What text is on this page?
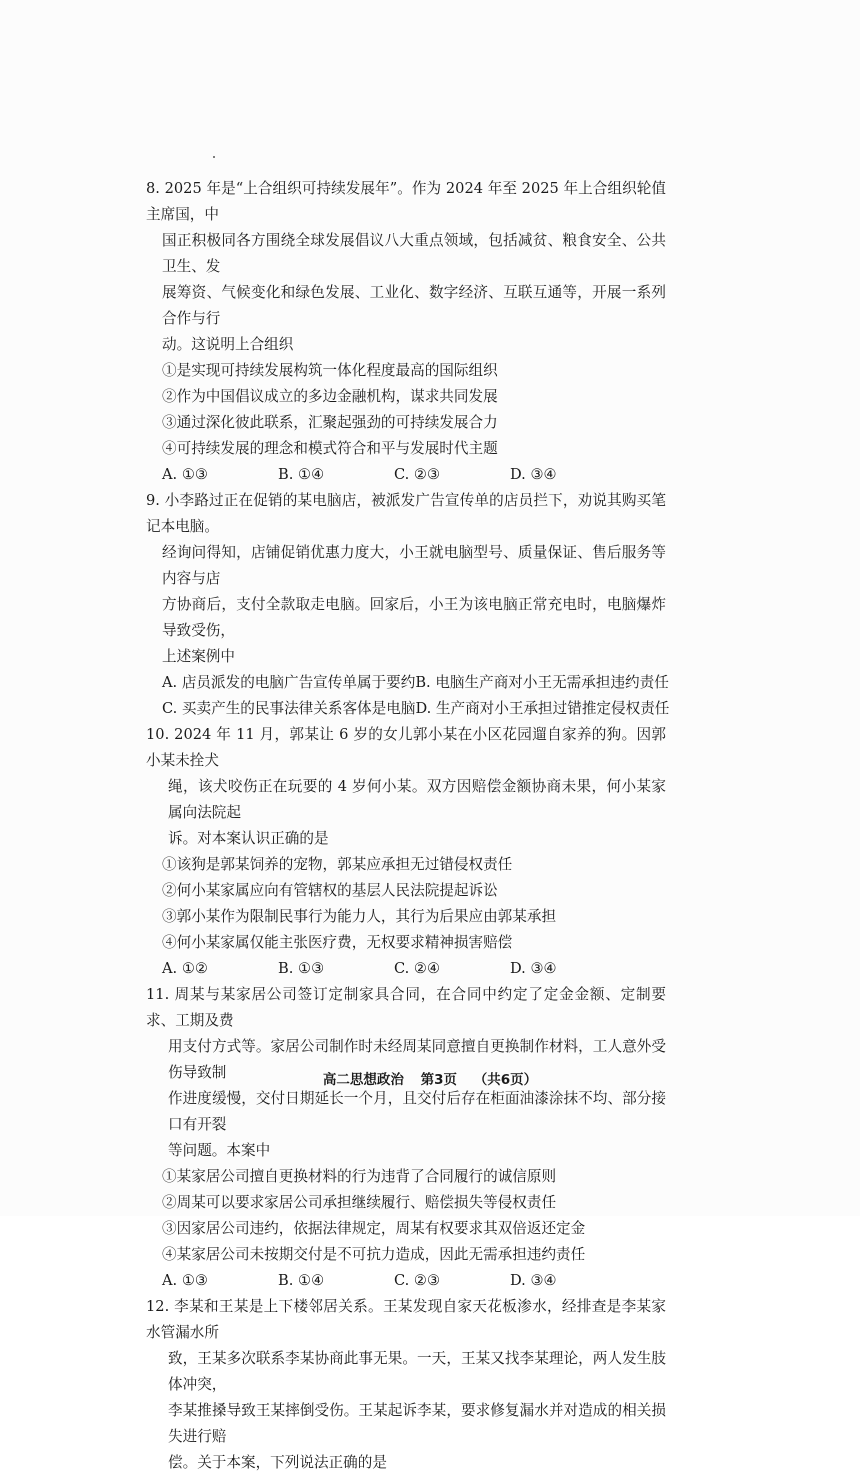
8. 2025 年是“上合组织可持续发展年”。作为 2024 年至 2025 年上合组织轮值主席国，中

国正积极同各方围绕全球发展倡议八大重点领域，包括减贫、粮食安全、公共卫生、发

展筹资、气候变化和绿色发展、工业化、数字经济、互联互通等，开展一系列合作与行

动。这说明上合组织

①是实现可持续发展构筑一体化程度最高的国际组织

②作为中国倡议成立的多边金融机构，谋求共同发展

③通过深化彼此联系，汇聚起强劲的可持续发展合力

④可持续发展的理念和模式符合和平与发展时代主题

A. ①③	B. ①④	C. ②③	D. ③④

9. 小李路过正在促销的某电脑店，被派发广告宣传单的店员拦下，劝说其购买笔记本电脑。

经询问得知，店铺促销优惠力度大，小王就电脑型号、质量保证、售后服务等内容与店

方协商后，支付全款取走电脑。回家后，小王为该电脑正常充电时，电脑爆炸导致受伤，

上述案例中

A. 店员派发的电脑广告宣传单属于要约 B. 电脑生产商对小王无需承担违约责任
C. 买卖产生的民事法律关系客体是电脑 D. 生产商对小王承担过错推定侵权责任

10. 2024 年 11 月，郭某让 6 岁的女儿郭小某在小区花园遛自家养的狗。因郭小某未拴犬

绳，该犬咬伤正在玩要的 4 岁何小某。双方因赔偿金额协商未果，何小某家属向法院起

诉。对本案认识正确的是

①该狗是郭某饲养的宠物，郭某应承担无过错侵权责任

②何小某家属应向有管辖权的基层人民法院提起诉讼

③郭小某作为限制民事行为能力人，其行为后果应由郭某承担

④何小某家属仅能主张医疗费，无权要求精神损害赔偿

A. ①②	B. ①③	C. ②④	D. ③④

11. 周某与某家居公司签订定制家具合同，在合同中约定了定金金额、定制要求、工期及费

用支付方式等。家居公司制作时未经周某同意擅自更换制作材料，工人意外受伤导致制

作进度缓慢，交付日期延长一个月，且交付后存在柜面油漆涂抹不均、部分接口有开裂

等问题。本案中

①某家居公司擅自更换材料的行为违背了合同履行的诚信原则

②周某可以要求家居公司承担继续履行、赔偿损失等侵权责任

③因家居公司违约，依据法律规定，周某有权要求其双倍返还定金

④某家居公司未按期交付是不可抗力造成，因此无需承担违约责任

A. ①③	B. ①④	C. ②③	D. ③④

12. 李某和王某是上下楼邻居关系。王某发现自家天花板渗水，经排查是李某家水管漏水所

致，王某多次联系李某协商此事无果。一天，王某又找李某理论，两人发生肢体冲突，

李某推搡导致王某摔倒受伤。王某起诉李某，要求修复漏水并对造成的相关损失进行赔

偿。关于本案，下列说法正确的是

高二思想政治 第3页 （共6页）
